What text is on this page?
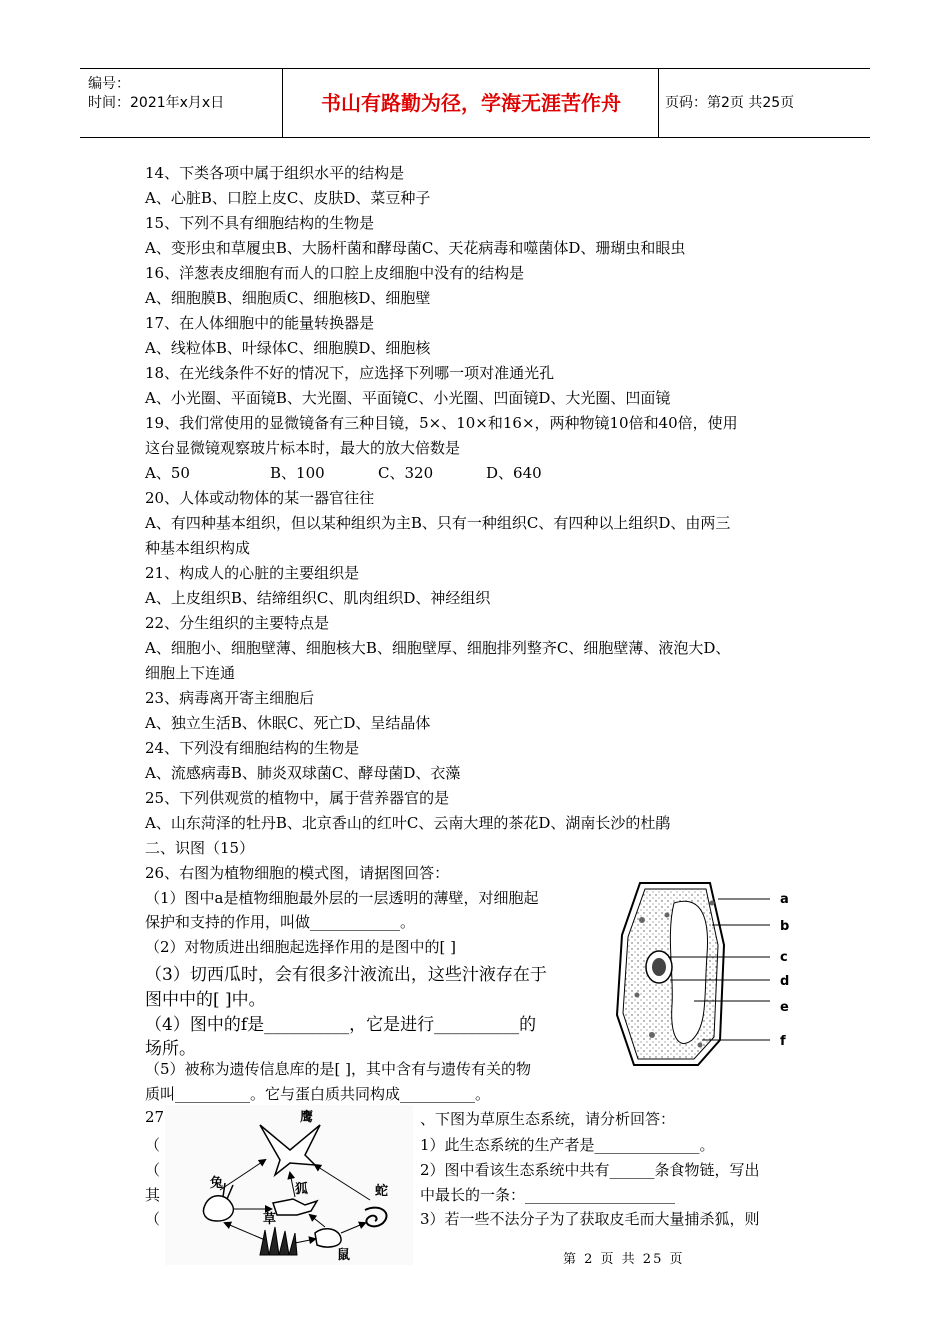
编号：
时间：2021年x月x日	书山有路勤为径，学海无涯苦作舟	页码：第2页 共25页
14、下类各项中属于组织水平的结构是
A、心脏B、口腔上皮C、皮肤D、菜豆种子
15、下列不具有细胞结构的生物是
A、变形虫和草履虫B、大肠杆菌和酵母菌C、天花病毒和噬菌体D、珊瑚虫和眼虫
16、洋葱表皮细胞有而人的口腔上皮细胞中没有的结构是
A、细胞膜B、细胞质C、细胞核D、细胞壁
17、在人体细胞中的能量转换器是
A、线粒体B、叶绿体C、细胞膜D、细胞核
18、在光线条件不好的情况下，应选择下列哪一项对准通光孔
A、小光圈、平面镜B、大光圈、平面镜C、小光圈、凹面镜D、大光圈、凹面镜
19、我们常使用的显微镜备有三种目镜，5×、10×和16×，两种物镜10倍和40倍，使用
这台显微镜观察玻片标本时，最大的放大倍数是
A、50	B、100	C、320	D、640
20、人体或动物体的某一器官往往
A、有四种基本组织，但以某种组织为主B、只有一种组织C、有四种以上组织D、由两三
种基本组织构成
21、构成人的心脏的主要组织是
A、上皮组织B、结缔组织C、肌肉组织D、神经组织
22、分生组织的主要特点是
A、细胞小、细胞壁薄、细胞核大B、细胞壁厚、细胞排列整齐C、细胞壁薄、液泡大D、
细胞上下连通
23、病毒离开寄主细胞后
A、独立生活B、休眠C、死亡D、呈结晶体
24、下列没有细胞结构的生物是
A、流感病毒B、肺炎双球菌C、酵母菌D、衣藻
25、下列供观赏的植物中，属于营养器官的是
A、山东菏泽的牡丹B、北京香山的红叶C、云南大理的茶花D、湖南长沙的杜鹃
二、识图（15）
26、右图为植物细胞的模式图，请据图回答：
（1）图中a是植物细胞最外层的一层透明的薄壁，对细胞起
保护和支持的作用，叫做____________。
（2）对物质进出细胞起选择作用的是图中的[ ]
（3）切西瓜时，会有很多汁液流出，这些汁液存在于
图中中的[ ]中。
（4）图中的f是__________，它是进行__________的
场所。
（5）被称为遗传信息库的是[ ]，其中含有与遗传有关的物
质叫__________。它与蛋白质共同构成__________。
a
b
c
d
e
f
27
（
（
其
（
、下图为草原生态系统，请分析回答：
1）此生态系统的生产者是______________。
2）图中看该生态系统中共有______条食物链，写出
中最长的一条：____________________
3）若一些不法分子为了获取皮毛而大量捕杀狐，则
鹰
兔	狐	蛇
草
鼠	第 2 页 共 25 页
